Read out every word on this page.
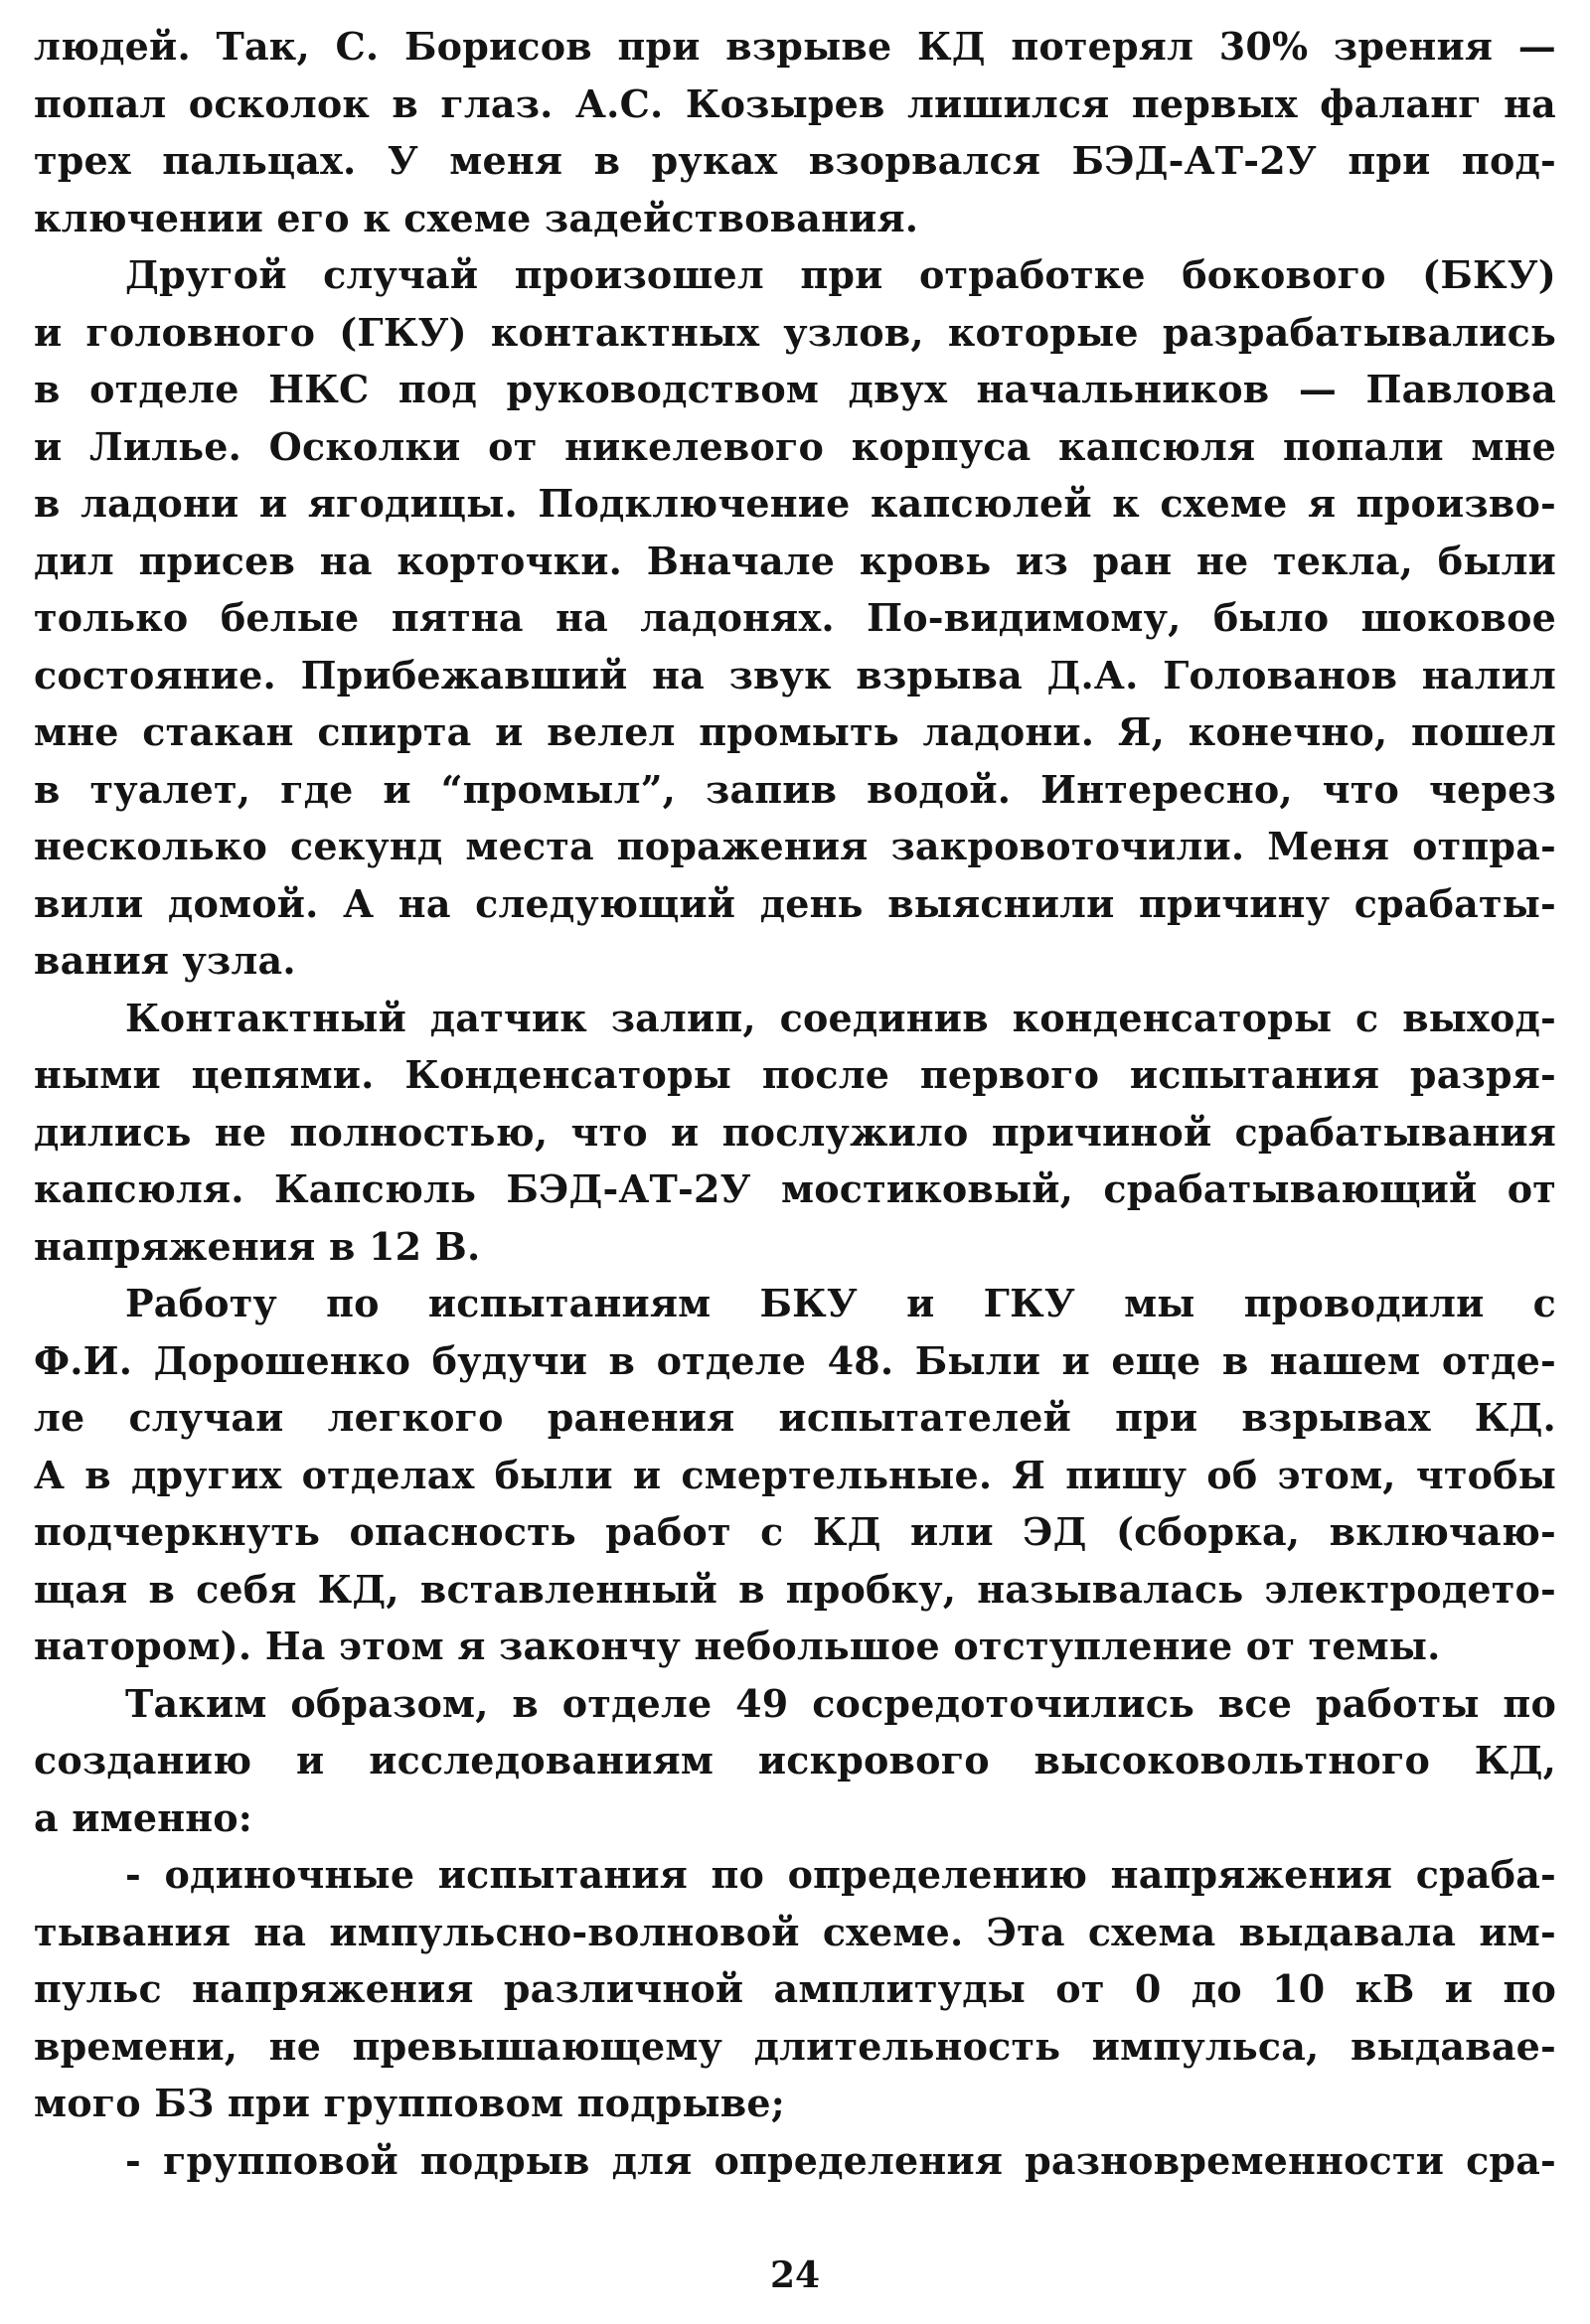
людей. Так, С. Борисов при взрыве КД потерял 30% зрения —
попал осколок в глаз. А.С. Козырев лишился первых фаланг на
трех пальцах. У меня в руках взорвался БЭД-АТ-2У при под-
ключении его к схеме задействования.
Другой случай произошел при отработке бокового (БКУ)
и головного (ГКУ) контактных узлов, которые разрабатывались
в отделе НКС под руководством двух начальников — Павлова
и Лилье. Осколки от никелевого корпуса капсюля попали мне
в ладони и ягодицы. Подключение капсюлей к схеме я произво-
дил присев на корточки. Вначале кровь из ран не текла, были
только белые пятна на ладонях. По-видимому, было шоковое
состояние. Прибежавший на звук взрыва Д.А. Голованов налил
мне стакан спирта и велел промыть ладони. Я, конечно, пошел
в туалет, где и “промыл”, запив водой. Интересно, что через
несколько секунд места поражения закровоточили. Меня отпра-
вили домой. А на следующий день выяснили причину срабаты-
вания узла.
Контактный датчик залип, соединив конденсаторы с выход-
ными цепями. Конденсаторы после первого испытания разря-
дились не полностью, что и послужило причиной срабатывания
капсюля. Капсюль БЭД-АТ-2У мостиковый, срабатывающий от
напряжения в 12 В.
Работу по испытаниям БКУ и ГКУ мы проводили с
Ф.И. Дорошенко будучи в отделе 48. Были и еще в нашем отде-
ле случаи легкого ранения испытателей при взрывах КД.
А в других отделах были и смертельные. Я пишу об этом, чтобы
подчеркнуть опасность работ с КД или ЭД (сборка, включаю-
щая в себя КД, вставленный в пробку, называлась электродето-
натором). На этом я закончу небольшое отступление от темы.
Таким образом, в отделе 49 сосредоточились все работы по
созданию и исследованиям искрового высоковольтного КД,
а именно:
- одиночные испытания по определению напряжения сраба-
тывания на импульсно-волновой схеме. Эта схема выдавала им-
пульс напряжения различной амплитуды от 0 до 10 кВ и по
времени, не превышающему длительность импульса, выдавае-
мого БЗ при групповом подрыве;
- групповой подрыв для определения разновременности сра-
24
